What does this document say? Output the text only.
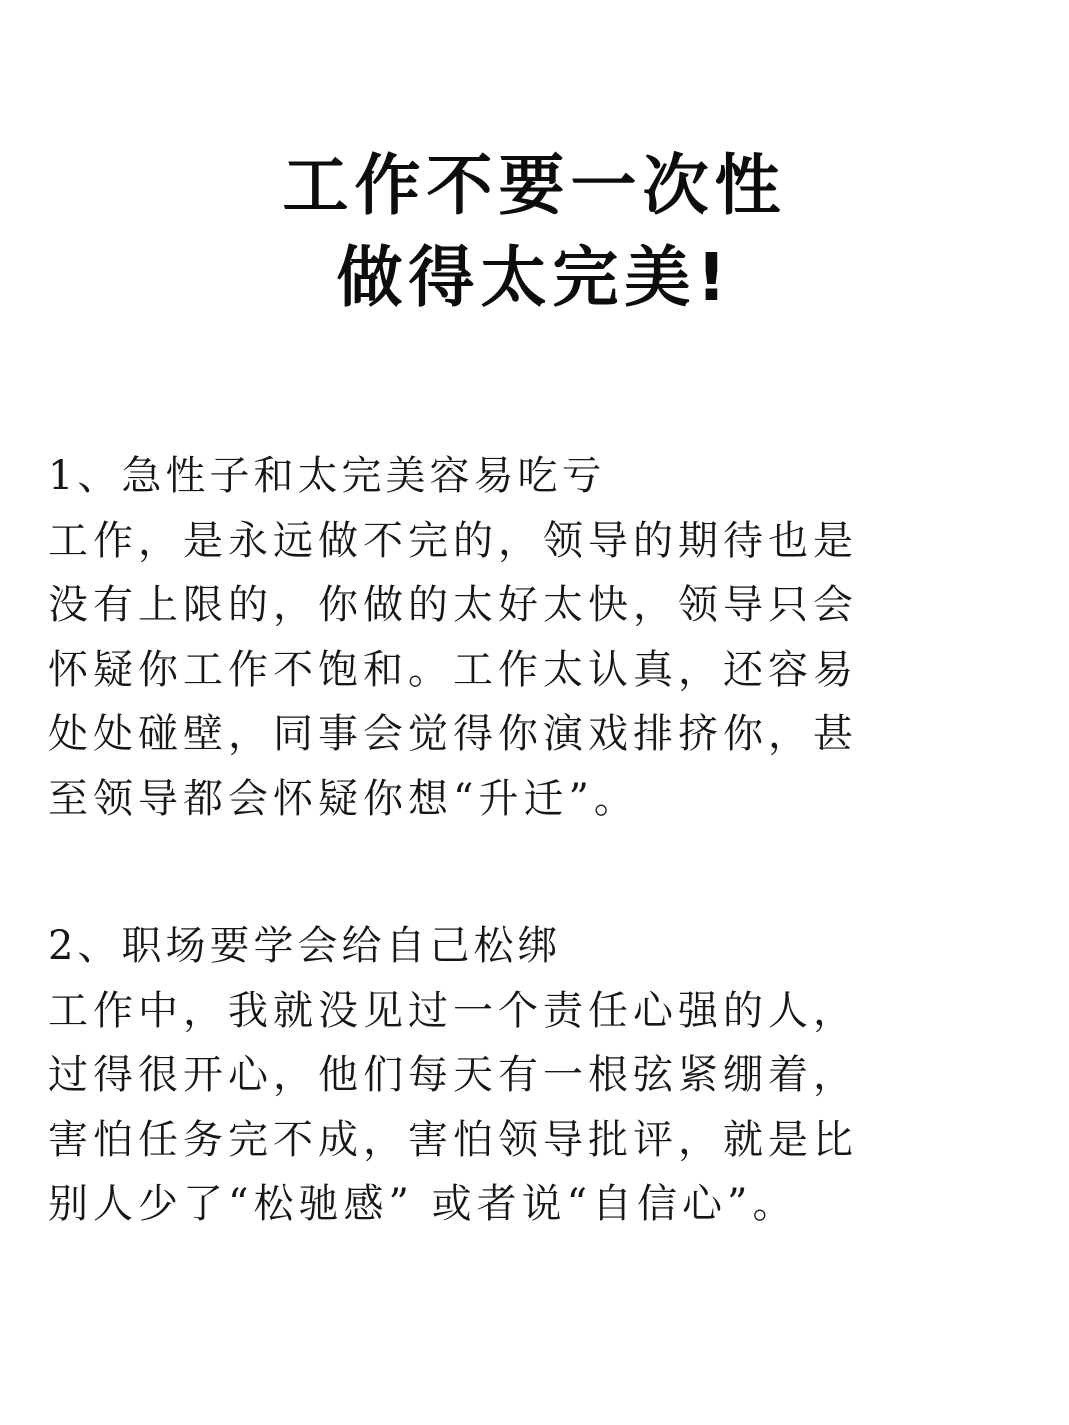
工作不要一次性
做得太完美!
1、急性子和太完美容易吃亏
工作，是永远做不完的，领导的期待也是
没有上限的，你做的太好太快，领导只会
怀疑你工作不饱和。工作太认真，还容易
处处碰壁，同事会觉得你演戏排挤你，甚
至领导都会怀疑你想“升迁”。
2、职场要学会给自己松绑
工作中，我就没见过一个责任心强的人，
过得很开心，他们每天有一根弦紧绷着，
害怕任务完不成，害怕领导批评，就是比
别人少了“松驰感” 或者说“自信心”。
